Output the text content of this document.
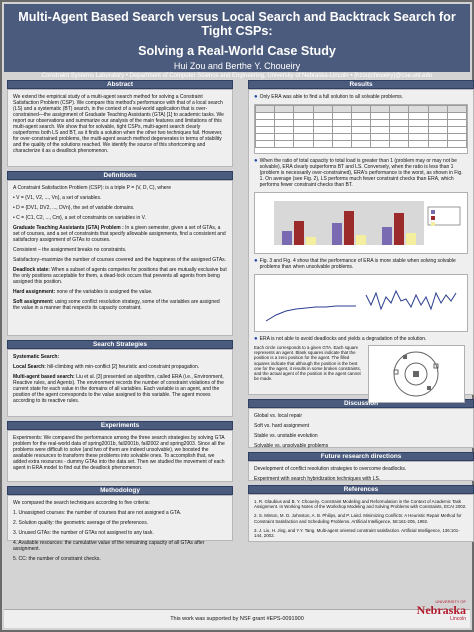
Multi-Agent Based Search versus Local Search and Backtrack Search for Tight CSPs:
Solving a Real-World Case Study
Hui Zou and Berthe Y. Choueiry
Constraint Systems Laboratory • Department of Computer Science and Engineering, University of Nebraska-Lincoln • {hzou|choueiry}@cse.unl.edu
Abstract

We extend the empirical study of a multi-agent search method for solving a Constraint Satisfaction Problem (CSP). We compare this method's performance with that of a local search (LS) and a systematic (BT) search, in the context of a real-world application that is over-constrained—the assignment of Graduate Teaching Assistants (GTA) [1] to academic tasks. We report our observations and summarize our analysis of the main features and limitations of this multi-agent search. We show that for solvable, tight CSPs, multi-agent search clearly outperforms both LS and BT, as it finds a solution when the other two techniques fail. However, for over-constrained problems, the multi-agent search method degenerates in terms of stability and the quality of the solutions reached. We identify the source of this shortcoming and characterize it as a deadlock phenomenon.

Definitions

A Constraint Satisfaction Problem (CSP): is a triple P = (V, D, C), where

• V = {V1, V2, ..., Vn}, a set of variables.

• D = {DV1, DV2, ..., DVn}, the set of variable domains.

• C = {C1, C2, ..., Cm}, a set of constraints on variables in V.

Graduate Teaching Assistants (GTA) Problem : In a given semester, given a set of GTAs, a set of courses, and a set of constraints that specify allowable assignments, find a consistent and satisfactory assignment of GTAs to courses.

Consistent – the assignment breaks no constraints.

Satisfactory–maximize the number of courses covered and the happiness of the assigned GTAs.

Deadlock state: When a subset of agents competes for positions that are mutually exclusive but the only positions acceptable for them, a dead-lock occurs that prevents all agents from being assigned this position.

Hard assignment: none of the variables is assigned the value.

Soft assignment: using some conflict resolution strategy, some of the variables are assigned the value in a manner that respects its capacity constraint.

Search Strategies

Systematic Search:

Local Search: hill-climbing with min-conflict [2] heuristic and constraint propagation.

Multi-agent based search: Liu et al. [3] presented an algorithm, called ERA (i.e., Environment, Reactive rules, and Agents). The environment records the number of constraint violations of the current state for each value in the domains of all variables. Each variable is an agent, and the position of the agent corresponds to the value assigned to this variable. The agent moves according to its reactive rules.

Experiments

Experiments: We compared the performance among the three search strategies by solving GTA problem for the real-world data of spring2001b, fall2001b, fall2002 and spring2003. Since all the problems were difficult to solve (and two of them are indeed unsolvable), we boosted the available resources to transform these problems into solvable ones. To accomplish that, we added extra resources - dummy GTAs into the data set. Then we studied the movement of each agent in ERA model to find out the deadlock phenomenon.

Methodology

We compared the search techniques according to five criteria:

1. Unassigned courses: the number of courses that are not assigned a GTA.

2. Solution quality: the geometric average of the preferences.

3. Unused GTAs: the number of GTAs not assigned to any task.

4. Available resources: the cumulative value of the remaining capacity of all GTAs after assignment.

5. CC: the number of constraint checks.

Results
● Only ERA was able to find a full solution to all solvable problems.

● When the ratio of total capacity to total load is greater than 1 (problem may or may not be solvable), ERA clearly outperforms BT and LS. Conversely, when the ratio is less than 1 (problem is necessarily over-constrained), ERA's performance is the worst, as shown in Fig. 1. On average (see Fig. 2), LS performs much fewer constraint checks than ERA, which performs fewer constraint checks than BT.
● Fig. 3 and Fig. 4 show that the performance of ERA is more stable when solving solvable problems than when unsolvable problems.
● ERA is not able to avoid deadlocks and yields a degradation of the solution.
Each circle corresponds to a given GTA. Each square represents an agent. Blank squares indicate that the position is a zero position for the agent. The filled squares indicate that although the position is the best one for the agent, it results in some broken constraints, and the actual agent of the position is the agent cannot be made.
Discussion

Global vs. local repair

Soft vs. hard assignment

Stable vs. unstable evolution

Solvable vs. unsolvable problems

Future research directions

Development of conflict resolution strategies to overcome deadlocks.

Experiment with search hybridization techniques with LS.

References

1. R. Glaubius and B. Y. Choueiry. Constraint Modeling and Reformulation in the Context of Academic Task Assignment. In Working Notes of the Workshop Modeling and Solving Problems with Constraints, ECAI 2002.

2. S. Minton, M. D. Johnston, A. B. Philips, and P. Laird. Minimizing Conflicts: A Heuristic Repair Method for Constraint Satisfaction and Scheduling Problems. Artificial Intelligence, 58:161-205, 1992.

3. J. Liu, H. Jing, and Y.Y. Tang. Multi-agent oriented constraint satisfaction. Artificial Intelligence, 136:101-144, 2002.

This work was supported by NSF grant #EPS-0091900
UNIVERSITY OF
Nebraska
Lincoln
